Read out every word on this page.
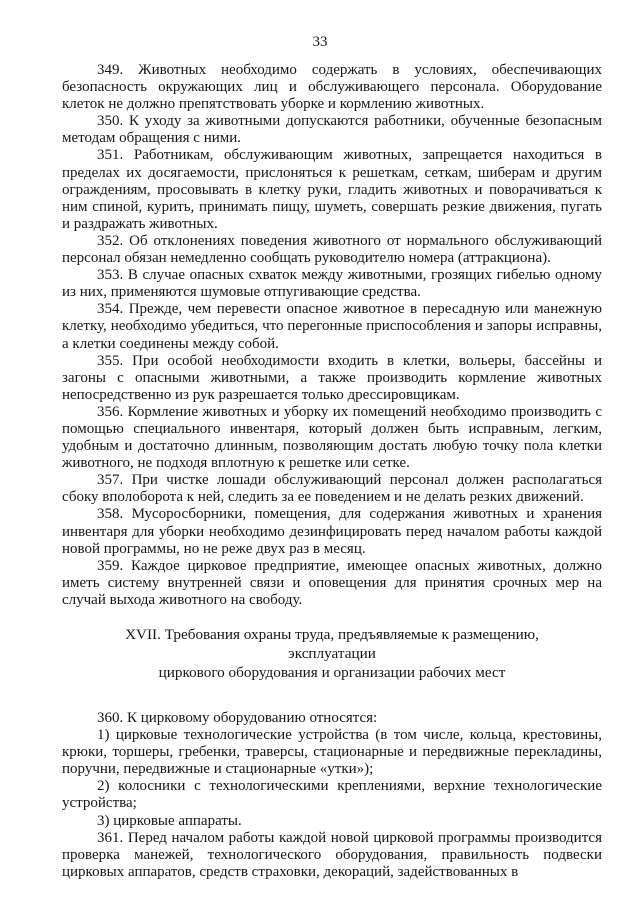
33

349. Животных необходимо содержать в условиях, обеспечивающих безопасность окружающих лиц и обслуживающего персонала. Оборудование клеток не должно препятствовать уборке и кормлению животных.

350. К уходу за животными допускаются работники, обученные безопасным методам обращения с ними.

351. Работникам, обслуживающим животных, запрещается находиться в пределах их досягаемости, прислоняться к решеткам, сеткам, шиберам и другим ограждениям, просовывать в клетку руки, гладить животных и поворачиваться к ним спиной, курить, принимать пищу, шуметь, совершать резкие движения, пугать и раздражать животных.

352. Об отклонениях поведения животного от нормального обслуживающий персонал обязан немедленно сообщать руководителю номера (аттракциона).

353. В случае опасных схваток между животными, грозящих гибелью одному из них, применяются шумовые отпугивающие средства.

354. Прежде, чем перевести опасное животное в пересадную или манежную клетку, необходимо убедиться, что перегонные приспособления и запоры исправны, а клетки соединены между собой.

355. При особой необходимости входить в клетки, вольеры, бассейны и загоны с опасными животными, а также производить кормление животных непосредственно из рук разрешается только дрессировщикам.

356. Кормление животных и уборку их помещений необходимо производить с помощью специального инвентаря, который должен быть исправным, легким, удобным и достаточно длинным, позволяющим достать любую точку пола клетки животного, не подходя вплотную к решетке или сетке.

357. При чистке лошади обслуживающий персонал должен располагаться сбоку вполоборота к ней, следить за ее поведением и не делать резких движений.

358. Мусоросборники, помещения, для содержания животных и хранения инвентаря для уборки необходимо дезинфицировать перед началом работы каждой новой программы, но не реже двух раз в месяц.

359. Каждое цирковое предприятие, имеющее опасных животных, должно иметь систему внутренней связи и оповещения для принятия срочных мер на случай выхода животного на свободу.

XVII. Требования охраны труда, предъявляемые к размещению, эксплуатации
циркового оборудования и организации рабочих мест

360. К цирковому оборудованию относятся:

1) цирковые технологические устройства (в том числе, кольца, крестовины, крюки, торшеры, гребенки, траверсы, стационарные и передвижные перекладины, поручни, передвижные и стационарные «утки»);

2) колосники с технологическими креплениями, верхние технологические устройства;

3) цирковые аппараты.

361. Перед началом работы каждой новой цирковой программы производится проверка манежей, технологического оборудования, правильность подвески цирковых аппаратов, средств страховки, декораций, задействованных в
